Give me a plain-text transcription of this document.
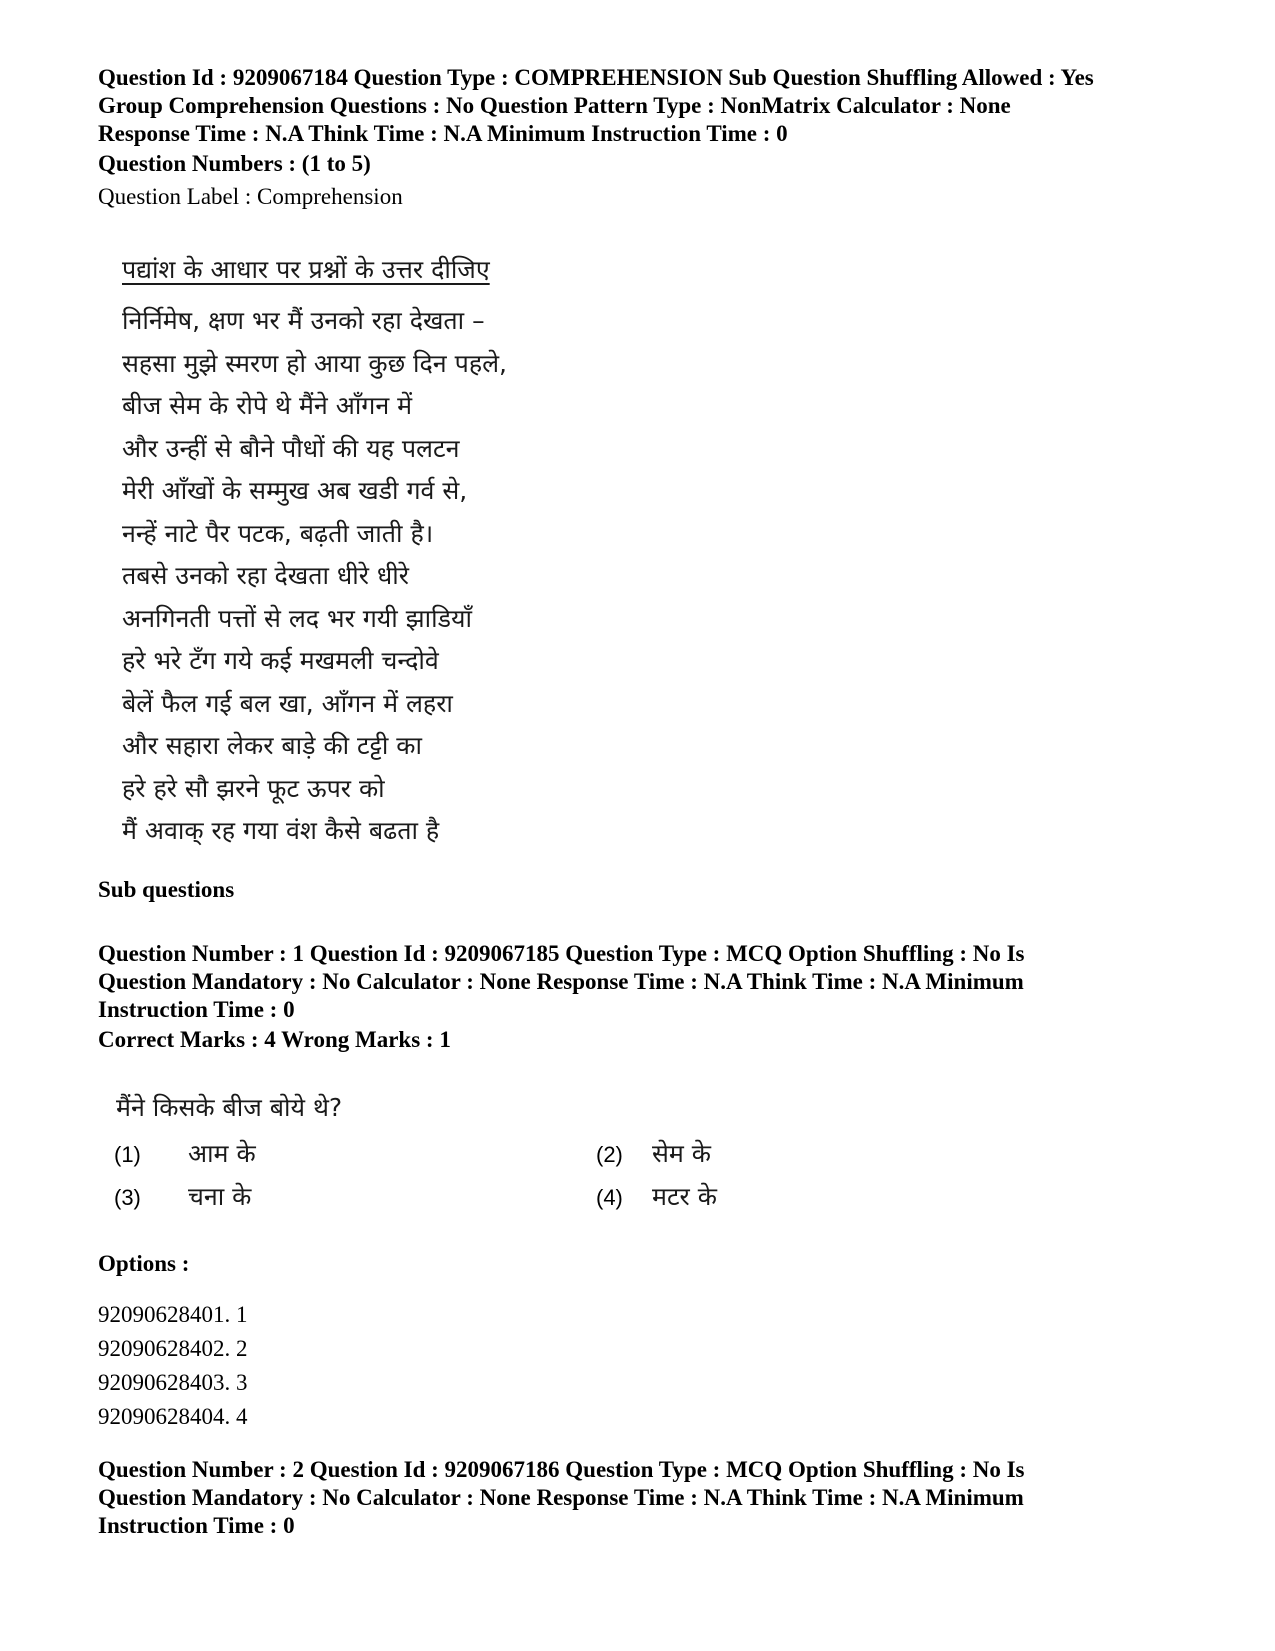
Question Id : 9209067184 Question Type : COMPREHENSION Sub Question Shuffling Allowed : Yes
Group Comprehension Questions : No Question Pattern Type : NonMatrix Calculator : None
Response Time : N.A Think Time : N.A Minimum Instruction Time : 0
Question Numbers : (1 to 5)
Question Label : Comprehension
पद्यांश के आधार पर प्रश्नों के उत्तर दीजिए
निर्निमेष, क्षण भर मैं उनको रहा देखता –
सहसा मुझे स्मरण हो आया कुछ दिन पहले,
बीज सेम के रोपे थे मैंने आँगन में
और उन्हीं से बौने पौधों की यह पलटन
मेरी आँखों के सम्मुख अब खडी गर्व से,
नन्हें नाटे पैर पटक, बढ़ती जाती है।
तबसे उनको रहा देखता धीरे धीरे
अनगिनती पत्तों से लद भर गयी झाडियाँ
हरे भरे टँग गये कई मखमली चन्दोवे
बेलें फैल गई बल खा, आँगन में लहरा
और सहारा लेकर बाड़े की टट्टी का
हरे हरे सौ झरने फूट ऊपर को
मैं अवाक् रह गया वंश कैसे बढता है
Sub questions
Question Number : 1 Question Id : 9209067185 Question Type : MCQ Option Shuffling : No Is
Question Mandatory : No Calculator : None Response Time : N.A Think Time : N.A Minimum
Instruction Time : 0
Correct Marks : 4 Wrong Marks : 1
मैंने किसके बीज बोये थे?
(1) आम के	(2) सेम के
(3) चना के	(4) मटर के
Options :
92090628401. 1
92090628402. 2
92090628403. 3
92090628404. 4
Question Number : 2 Question Id : 9209067186 Question Type : MCQ Option Shuffling : No Is
Question Mandatory : No Calculator : None Response Time : N.A Think Time : N.A Minimum
Instruction Time : 0
